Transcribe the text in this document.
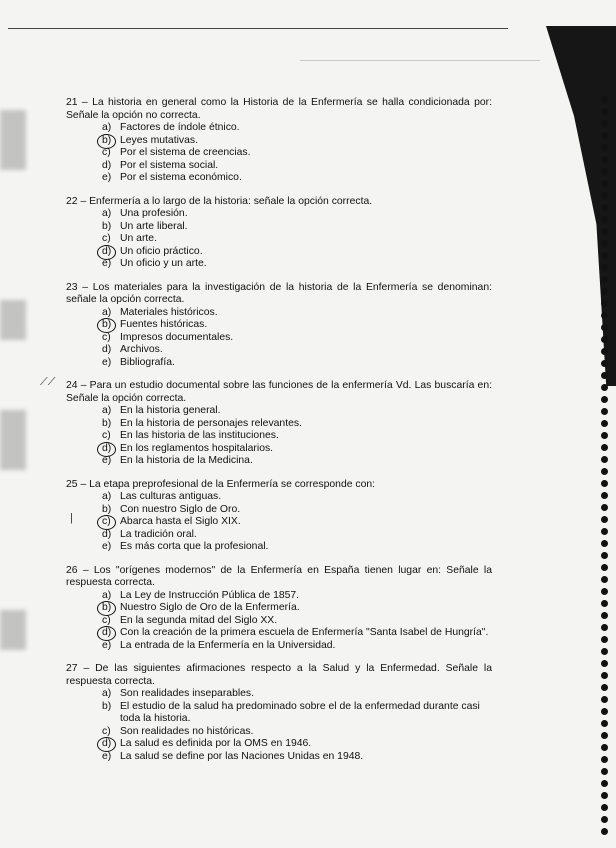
⟋⟋
|
21 – La historia en general como la Historia de la Enfermería se halla condicionada por: Señale la opción no correcta.
a) Factores de índole étnico.
b) Leyes mutativas.
c) Por el sistema de creencias.
d) Por el sistema social.
e) Por el sistema económico.
22 – Enfermería a lo largo de la historia: señale la opción correcta.
a) Una profesión.
b) Un arte liberal.
c) Un arte.
d) Un oficio práctico.
e) Un oficio y un arte.
23 – Los materiales para la investigación de la historia de la Enfermería se denominan: señale la opción correcta.
a) Materiales históricos.
b) Fuentes históricas.
c) Impresos documentales.
d) Archivos.
e) Bibliografía.
24 – Para un estudio documental sobre las funciones de la enfermería Vd. Las buscaría en: Señale la opción correcta.
a) En la historia general.
b) En la historia de personajes relevantes.
c) En las historia de las instituciones.
d) En los reglamentos hospitalarios.
e) En la historia de la Medicina.
25 – La etapa preprofesional de la Enfermería se corresponde con:
a) Las culturas antiguas.
b) Con nuestro Siglo de Oro.
c) Abarca hasta el Siglo XIX.
d) La tradición oral.
e) Es más corta que la profesional.
26 – Los "orígenes modernos" de la Enfermería en España tienen lugar en: Señale la respuesta correcta.
a) La Ley de Instrucción Pública de 1857.
b) Nuestro Siglo de Oro de la Enfermería.
c) En la segunda mitad del Siglo XX.
d) Con la creación de la primera escuela de Enfermería "Santa Isabel de Hungría".
e) La entrada de la Enfermería en la Universidad.
27 – De las siguientes afirmaciones respecto a la Salud y la Enfermedad. Señale la respuesta correcta.
a) Son realidades inseparables.
b) El estudio de la salud ha predominado sobre el de la enfermedad durante casi toda la historia.
c) Son realidades no históricas.
d) La salud es definida por la OMS en 1946.
e) La salud se define por las Naciones Unidas en 1948.
